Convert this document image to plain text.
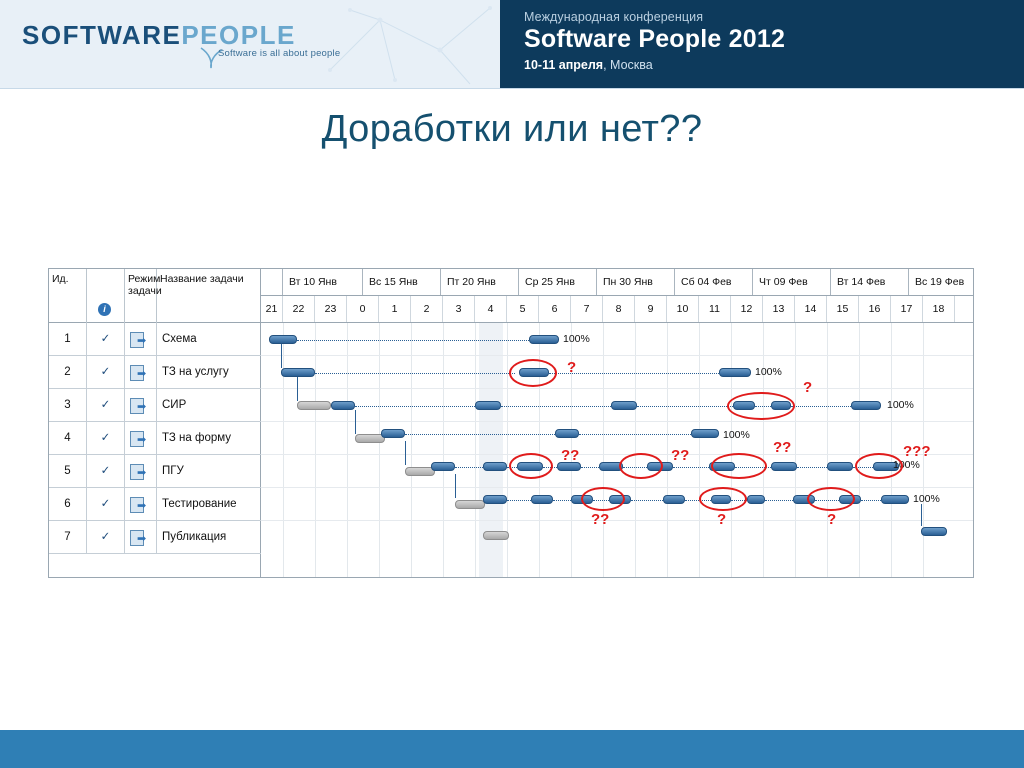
SOFTWAREPEOPLE
Software is all about people
Международная конференция
Software People 2012
10-11 апреля, Москва
Доработки или нет??
Ид.	Режим задачи
Название задачи
i
1	✓	➡	Схема
2	✓	➡	ТЗ на услугу
3	✓	➡	СИР
4	✓	➡	ТЗ на форму
5	✓	➡	ПГУ
6	✓	➡	Тестирование
7	✓	➡	Публикация
Вт 10 Янв	Вс 15 Янв	Пт 20 Янв	Ср 25 Янв	Пн 30 Янв	Сб 04 Фев	Чт 09 Фев	Вт 14 Фев	Вс 19 Фев
21	22	23	0	1	2	3	4	5	6	7	8	9	10	11	12	13	14	15	16	17	18
100%
100%
?
100%
?
100%
100%
??	??	??	???
100%
??	?	?
